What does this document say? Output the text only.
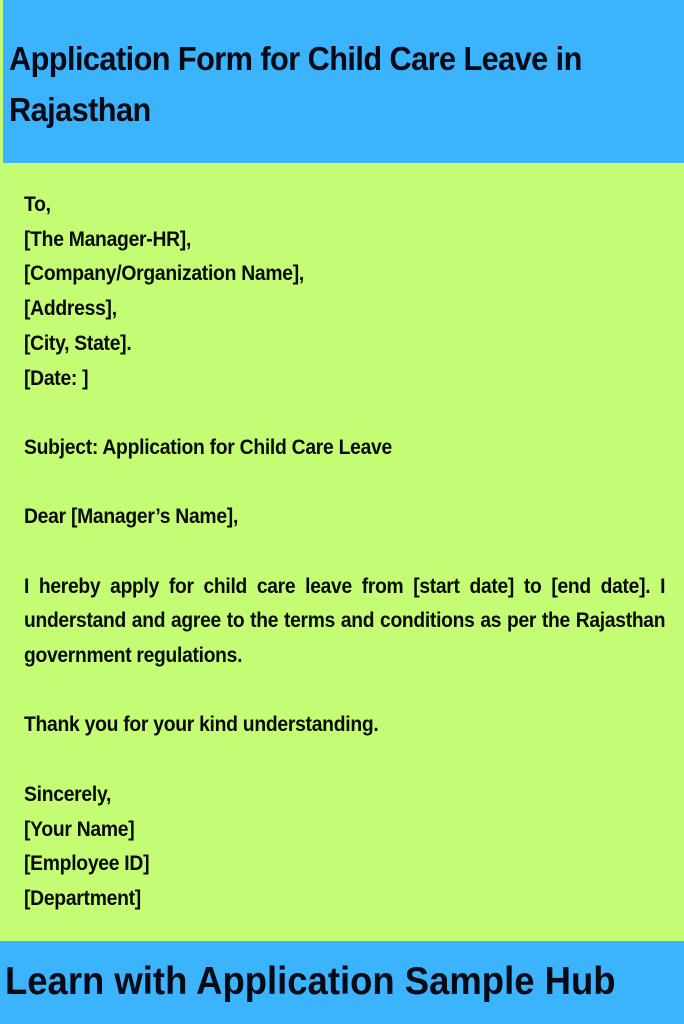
Application Form for Child Care Leave in Rajasthan
To,
[The Manager-HR],
[Company/Organization Name],
[Address],
[City, State].
[Date: ]
Subject: Application for Child Care Leave
Dear [Manager’s Name],
I hereby apply for child care leave from [start date] to [end date]. I understand and agree to the terms and conditions as per the Rajasthan government regulations.
Thank you for your kind understanding.
Sincerely,
[Your Name]
[Employee ID]
[Department]
Learn with Application Sample Hub
